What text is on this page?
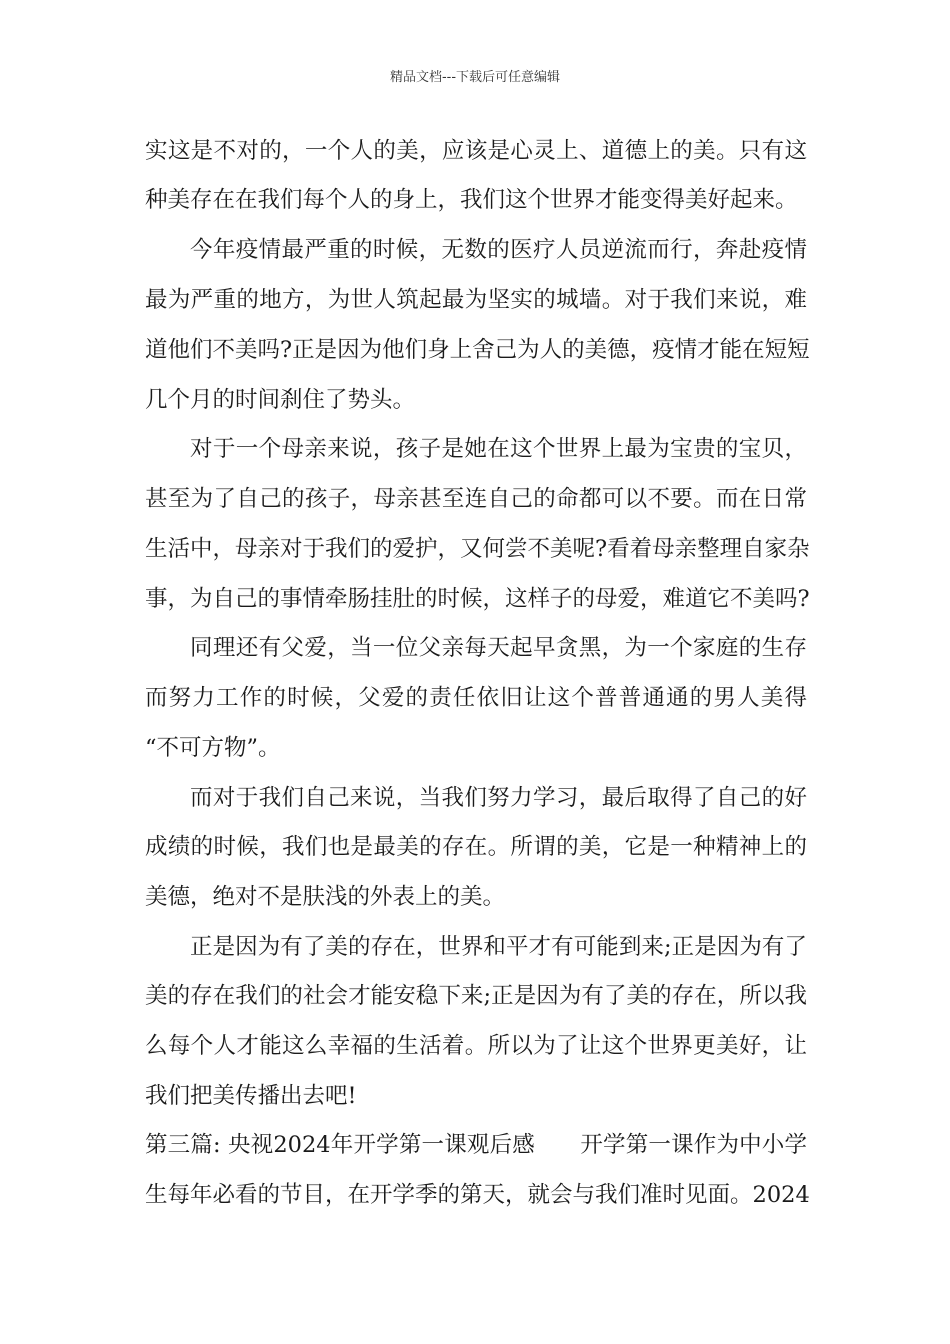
精品文档---下载后可任意编辑
实这是不对的，一个人的美，应该是心灵上、道德上的美。只有这
种美存在在我们每个人的身上，我们这个世界才能变得美好起来。
今年疫情最严重的时候，无数的医疗人员逆流而行，奔赴疫情
最为严重的地方，为世人筑起最为坚实的城墙。对于我们来说，难
道他们不美吗?正是因为他们身上舍己为人的美德，疫情才能在短短
几个月的时间刹住了势头。
对于一个母亲来说，孩子是她在这个世界上最为宝贵的宝贝，
甚至为了自己的孩子，母亲甚至连自己的命都可以不要。而在日常
生活中，母亲对于我们的爱护，又何尝不美呢?看着母亲整理自家杂
事，为自己的事情牵肠挂肚的时候，这样子的母爱，难道它不美吗?
同理还有父爱，当一位父亲每天起早贪黑，为一个家庭的生存
而努力工作的时候，父爱的责任依旧让这个普普通通的男人美得
“不可方物”。
而对于我们自己来说，当我们努力学习，最后取得了自己的好
成绩的时候，我们也是最美的存在。所谓的美，它是一种精神上的
美德，绝对不是肤浅的外表上的美。
正是因为有了美的存在，世界和平才有可能到来;正是因为有了
美的存在我们的社会才能安稳下来;正是因为有了美的存在，所以我
么每个人才能这么幸福的生活着。所以为了让这个世界更美好，让
我们把美传播出去吧!
第三篇: 央视2024年开学第一课观后感　　开学第一课作为中小学
生每年必看的节目，在开学季的第天，就会与我们准时见面。2024
